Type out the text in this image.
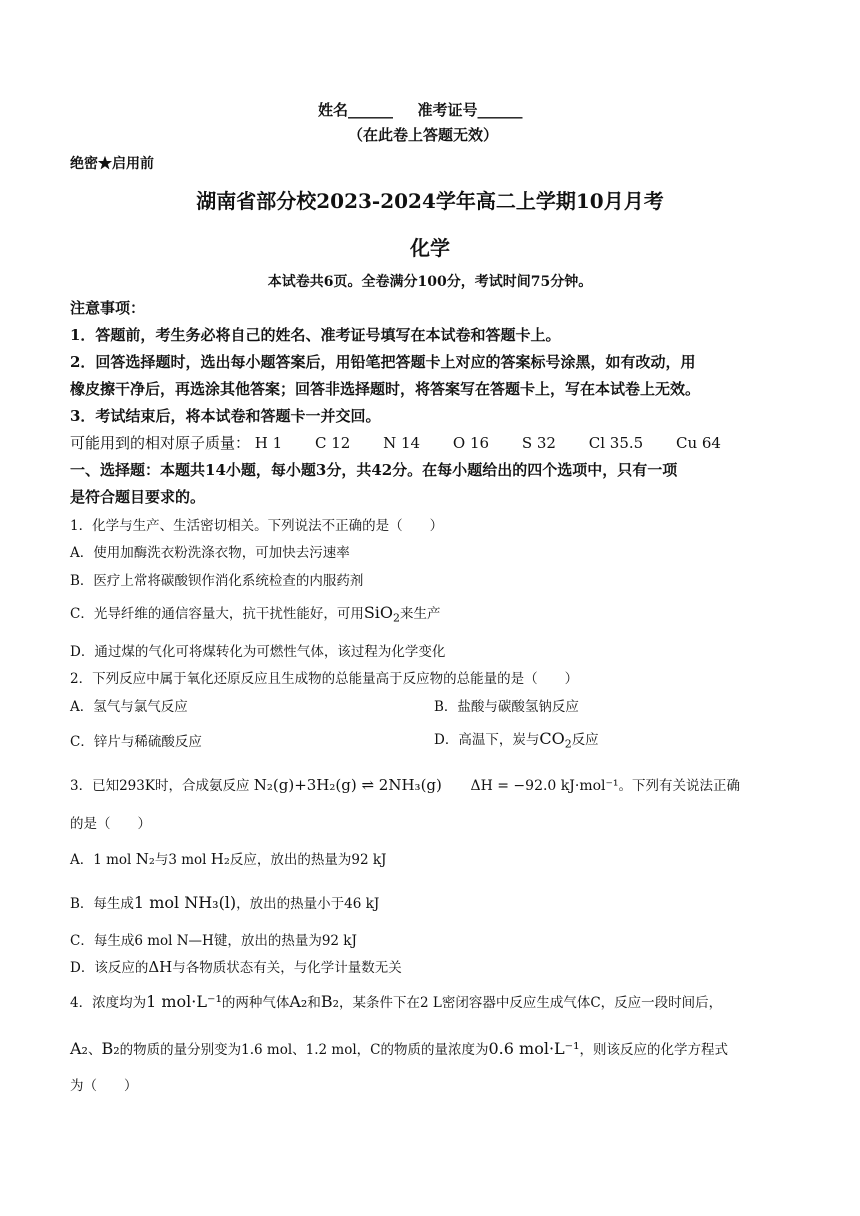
姓名______ 准考证号______
（在此卷上答题无效）
绝密★启用前
湖南省部分校2023-2024学年高二上学期10月月考
化学
本试卷共6页。全卷满分100分，考试时间75分钟。
注意事项：
1．答题前，考生务必将自己的姓名、准考证号填写在本试卷和答题卡上。
2．回答选择题时，选出每小题答案后，用铅笔把答题卡上对应的答案标号涂黑，如有改动，用
橡皮擦干净后，再选涂其他答案；回答非选择题时，将答案写在答题卡上，写在本试卷上无效。
3．考试结束后，将本试卷和答题卡一并交回。
可能用到的相对原子质量： H 1 C 12 N 14 O 16 S 32 Cl 35.5 Cu 64
一、选择题：本题共14小题，每小题3分，共42分。在每小题给出的四个选项中，只有一项
是符合题目要求的。
1．化学与生产、生活密切相关。下列说法不正确的是（　　）
A．使用加酶洗衣粉洗涤衣物，可加快去污速率
B．医疗上常将碳酸钡作消化系统检查的内服药剂
C．光导纤维的通信容量大，抗干扰性能好，可用SiO$_2$来生产
D．通过煤的气化可将煤转化为可燃性气体，该过程为化学变化
2．下列反应中属于氧化还原反应且生成物的总能量高于反应物的总能量的是（　　）
A．氢气与氯气反应	B．盐酸与碳酸氢钠反应
C．锌片与稀硫酸反应	D．高温下，炭与$CO_2$反应
3．已知293K时，合成氨反应 N₂(g)+3H₂(g) ⇌ 2NH₃(g) ΔH = −92.0 kJ·mol⁻¹。下列有关说法正确
的是（　　）
A．1 mol N₂与3 mol H₂反应，放出的热量为92 kJ
B．每生成1 mol NH₃(l)，放出的热量小于46 kJ
C．每生成6 mol N—H键，放出的热量为92 kJ
D．该反应的ΔH与各物质状态有关，与化学计量数无关
4．浓度均为1 mol·L⁻¹的两种气体A₂和B₂，某条件下在2 L密闭容器中反应生成气体C，反应一段时间后，
A₂、B₂的物质的量分别变为1.6 mol、1.2 mol，C的物质的量浓度为0.6 mol·L⁻¹，则该反应的化学方程式
为（　　）
